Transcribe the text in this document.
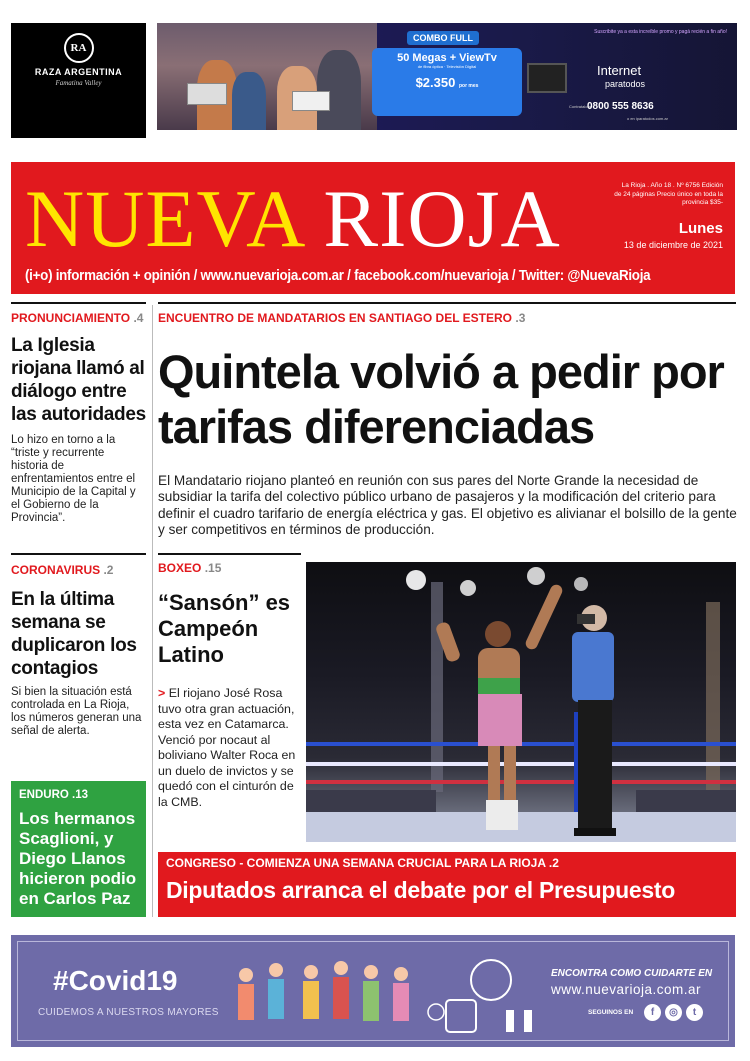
RA
RAZA ARGENTINA
Famatina Valley
COMBO FULL
50 Megas + ViewTv
de fibra óptica · Televisión Digital
$2.350 por mes
Suscribite ya a esta increíble promo y pagá recién a fin año!
Internet
paratodos
Contratalo al
0800 555 8636
o en iparatodos.com.ar
NUEVA RIOJA	La Rioja . Año 18 . Nº 6756 Edición de 24 páginas Precio único en toda la provincia $35-
Lunes
13 de diciembre de 2021
(i+o) información + opinión / www.nuevarioja.com.ar / facebook.com/nuevarioja / Twitter: @NuevaRioja
PRONUNCIAMIENTO .4
La Iglesia riojana llamó al diálogo entre las autoridades
Lo hizo en torno a la “triste y recurrente historia de enfrentamientos entre el Municipio de la Capital y el Gobierno de la Provincia”.
CORONAVIRUS .2
En la última semana se duplicaron los contagios
Si bien la situación está controlada en La Rioja, los números generan una señal de alerta.
ENDURO .13
Los hermanos Scaglioni, y Diego Llanos hicieron podio en Carlos Paz
ENCUENTRO DE MANDATARIOS EN SANTIAGO DEL ESTERO .3
Quintela volvió a pedir por tarifas diferenciadas
El Mandatario riojano planteó en reunión con sus pares del Norte Grande la necesidad de subsidiar la tarifa del colectivo público urbano de pasajeros y la modificación del criterio para definir el cuadro tarifario de energía eléctrica y gas. El objetivo es alivianar el bolsillo de la gente y ser competitivos en términos de producción.
BOXEO .15
“Sansón” es Campeón Latino
> El riojano José Rosa tuvo otra gran actuación, esta vez en Catamarca. Venció por nocaut al boliviano Walter Roca en un duelo de invictos y se quedó con el cinturón de la CMB.
CONGRESO - COMIENZA UNA SEMANA CRUCIAL PARA LA RIOJA .2
Diputados arranca el debate por el Presupuesto
#Covid19
CUIDEMOS A NUESTROS MAYORES
ENCONTRA COMO CUIDARTE EN
www.nuevarioja.com.ar
SEGUINOS EN	f	◎	t
